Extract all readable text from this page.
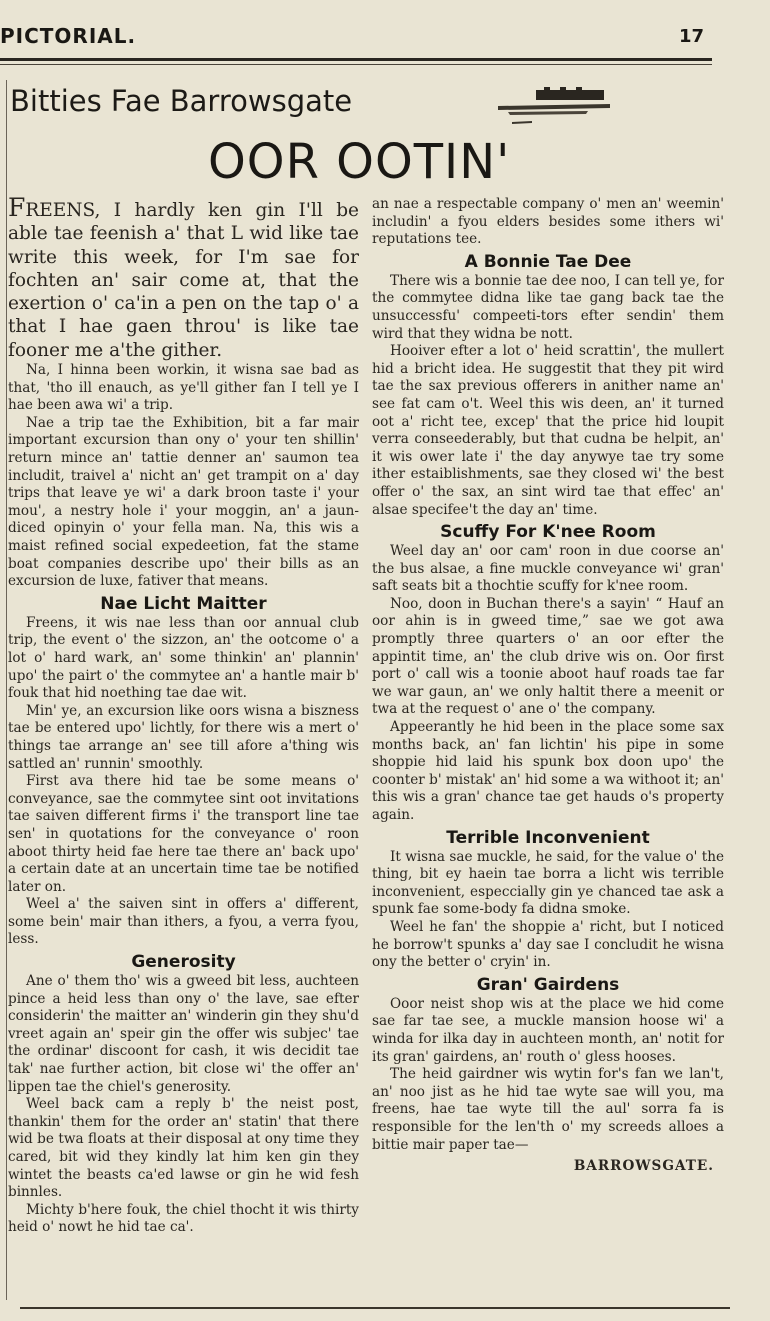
PICTORIAL.	17
Bitties Fae Barrowsgate
OOR OOTIN'

FREENS, I hardly ken gin I'll be able tae feenish a' that L wid like tae write this week, for I'm sae for fochten an' sair come at, that the exertion o' ca'in a pen on the tap o' a that I hae gaen throu' is like tae fooner me a'the gither.

Na, I hinna been workin, it wisna sae bad as that, 'tho ill enauch, as ye'll gither fan I tell ye I hae been awa wi' a trip.

Nae a trip tae the Exhibition, bit a far mair important excursion than ony o' your ten shillin' return mince an' tattie denner an' saumon tea includit, traivel a' nicht an' get trampit on a' day trips that leave ye wi' a dark broon taste i' your mou', a nestry hole i' your moggin, an' a jaun-diced opinyin o' your fella man. Na, this wis a maist refined social expedeetion, fat the stame boat companies describe upo' their bills as an excursion de luxe, fativer that means.

Nae Licht Maitter

Freens, it wis nae less than oor annual club trip, the event o' the sizzon, an' the ootcome o' a lot o' hard wark, an' some thinkin' an' plannin' upo' the pairt o' the commytee an' a hantle mair b' fouk that hid noething tae dae wit.

Min' ye, an excursion like oors wisna a biszness tae be entered upo' lichtly, for there wis a mert o' things tae arrange an' see till afore a'thing wis sattled an' runnin' smoothly.

First ava there hid tae be some means o' conveyance, sae the commytee sint oot invitations tae saiven different firms i' the transport line tae sen' in quotations for the conveyance o' roon aboot thirty heid fae here tae there an' back upo' a certain date at an uncertain time tae be notified later on.

Weel a' the saiven sint in offers a' different, some bein' mair than ithers, a fyou, a verra fyou, less.

Generosity

Ane o' them tho' wis a gweed bit less, auchteen pince a heid less than ony o' the lave, sae efter considerin' the maitter an' winderin gin they shu'd vreet again an' speir gin the offer wis subjec' tae the ordinar' discoont for cash, it wis decidit tae tak' nae further action, bit close wi' the offer an' lippen tae the chiel's generosity.

Weel back cam a reply b' the neist post, thankin' them for the order an' statin' that there wid be twa floats at their disposal at ony time they cared, bit wid they kindly lat him ken gin they wintet the beasts ca'ed lawse or gin he wid fesh binnles.

Michty b'here fouk, the chiel thocht it wis thirty heid o' nowt he hid tae ca'.

an nae a respectable company o' men an' weemin' includin' a fyou elders besides some ithers wi' reputations tee.

A Bonnie Tae Dee

There wis a bonnie tae dee noo, I can tell ye, for the commytee didna like tae gang back tae the unsuccessfu' compeeti-tors efter sendin' them wird that they widna be nott.

Hooiver efter a lot o' heid scrattin', the mullert hid a bricht idea. He suggestit that they pit wird tae the sax previous offerers in anither name an' see fat cam o't. Weel this wis deen, an' it turned oot a' richt tee, excep' that the price hid loupit verra conseederably, but that cudna be helpit, an' it wis ower late i' the day anywye tae try some ither estaiblishments, sae they closed wi' the best offer o' the sax, an sint wird tae that effec' an' alsae specifee't the day an' time.

Scuffy For K'nee Room

Weel day an' oor cam' roon in due coorse an' the bus alsae, a fine muckle conveyance wi' gran' saft seats bit a thochtie scuffy for k'nee room.

Noo, doon in Buchan there's a sayin' “ Hauf an oor ahin is in gweed time,” sae we got awa promptly three quarters o' an oor efter the appintit time, an' the club drive wis on. Oor first port o' call wis a toonie aboot hauf roads tae far we war gaun, an' we only haltit there a meenit or twa at the request o' ane o' the company.

Appeerantly he hid been in the place some sax months back, an' fan lichtin' his pipe in some shoppie hid laid his spunk box doon upo' the coonter b' mistak' an' hid some a wa withoot it; an' this wis a gran' chance tae get hauds o's property again.

Terrible Inconvenient

It wisna sae muckle, he said, for the value o' the thing, bit ey haein tae borra a licht wis terrible inconvenient, especcially gin ye chanced tae ask a spunk fae some-body fa didna smoke.

Weel he fan' the shoppie a' richt, but I noticed he borrow't spunks a' day sae I concludit he wisna ony the better o' cryin' in.

Gran' Gairdens

Ooor neist shop wis at the place we hid come sae far tae see, a muckle mansion hoose wi' a winda for ilka day in auchteen month, an' notit for its gran' gairdens, an' routh o' gless hooses.

The heid gairdner wis wytin for's fan we lan't, an' noo jist as he hid tae wyte sae will you, ma freens, hae tae wyte till the aul' sorra fa is responsible for the len'th o' my screeds alloes a bittie mair paper tae—

BARROWSGATE.
